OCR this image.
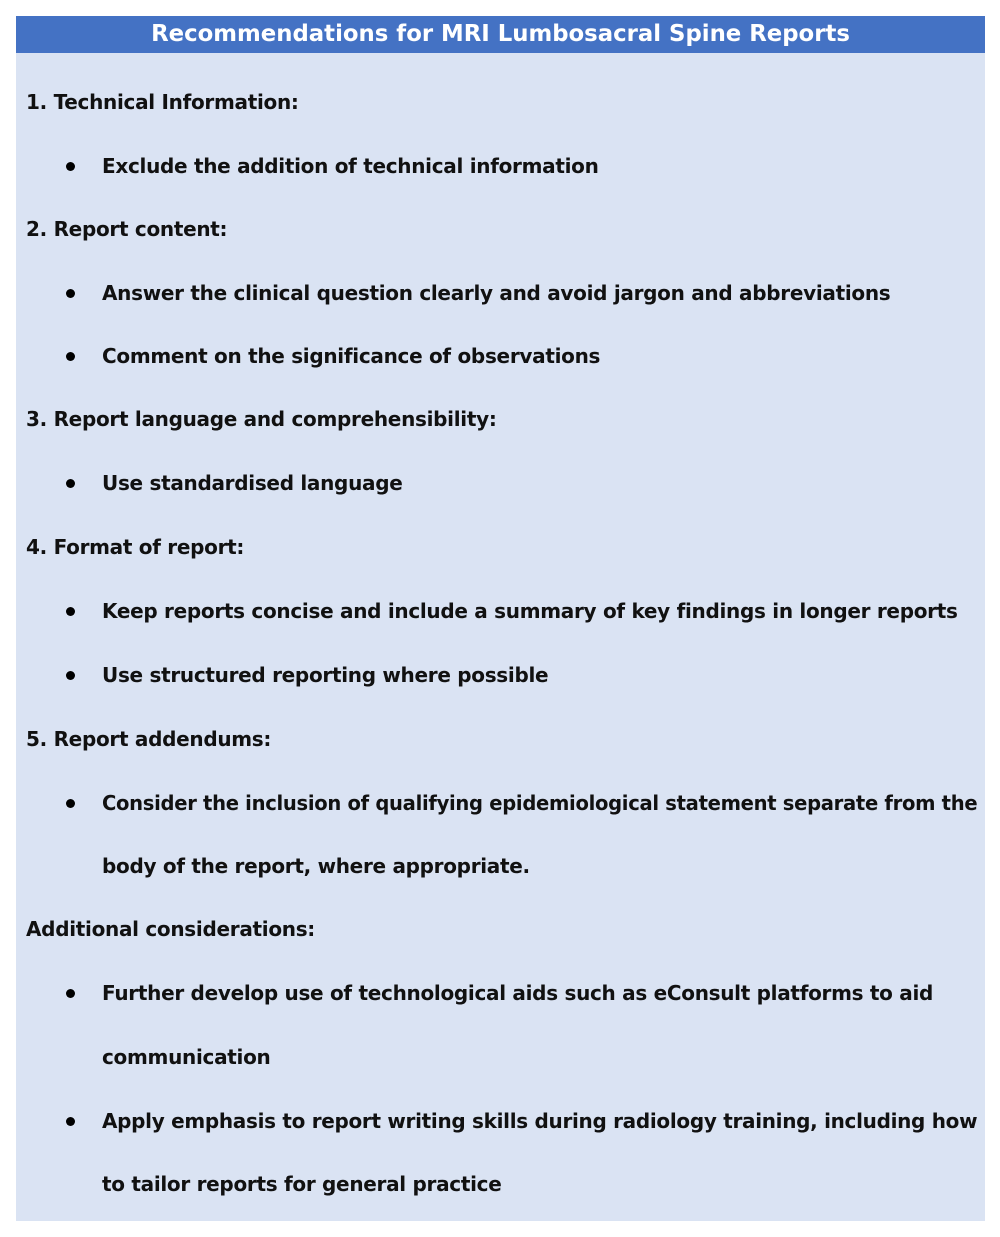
Recommendations for MRI Lumbosacral Spine Reports
1. Technical Information:
Exclude the addition of technical information
2. Report content:
Answer the clinical question clearly and avoid jargon and abbreviations
Comment on the significance of observations
3. Report language and comprehensibility:
Use standardised language
4. Format of report:
Keep reports concise and include a summary of key findings in longer reports
Use structured reporting where possible
5. Report addendums:
Consider the inclusion of qualifying epidemiological statement separate from the
body of the report, where appropriate.
Additional considerations:
Further develop use of technological aids such as eConsult platforms to aid
communication
Apply emphasis to report writing skills during radiology training, including how
to tailor reports for general practice
